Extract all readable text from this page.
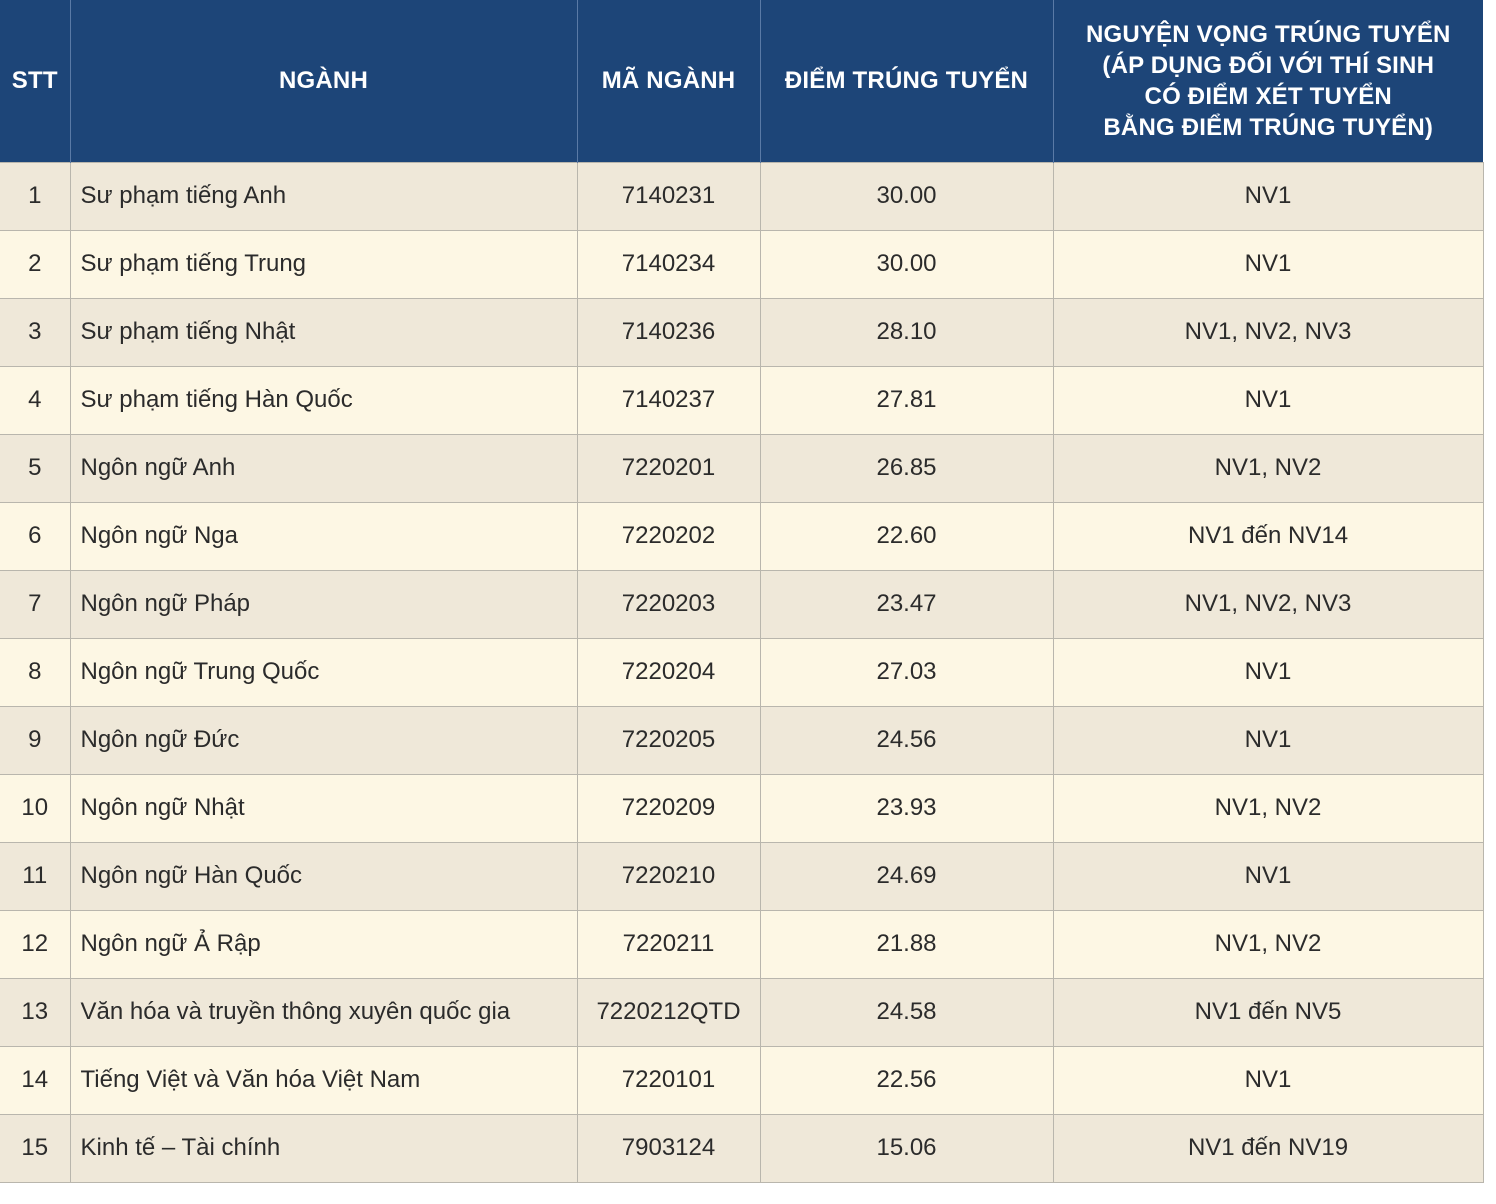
STT	NGÀNH	MÃ NGÀNH	ĐIỂM TRÚNG TUYỂN	NGUYỆN VỌNG TRÚNG TUYỂN
(ÁP DỤNG ĐỐI VỚI THÍ SINH
CÓ ĐIỂM XÉT TUYỂN
BẰNG ĐIỂM TRÚNG TUYỂN)

1	Sư phạm tiếng Anh	7140231	30.00	NV1
2	Sư phạm tiếng Trung	7140234	30.00	NV1
3	Sư phạm tiếng Nhật	7140236	28.10	NV1, NV2, NV3
4	Sư phạm tiếng Hàn Quốc	7140237	27.81	NV1
5	Ngôn ngữ Anh	7220201	26.85	NV1, NV2
6	Ngôn ngữ Nga	7220202	22.60	NV1 đến NV14
7	Ngôn ngữ Pháp	7220203	23.47	NV1, NV2, NV3
8	Ngôn ngữ Trung Quốc	7220204	27.03	NV1
9	Ngôn ngữ Đức	7220205	24.56	NV1
10	Ngôn ngữ Nhật	7220209	23.93	NV1, NV2
11	Ngôn ngữ Hàn Quốc	7220210	24.69	NV1
12	Ngôn ngữ Ả Rập	7220211	21.88	NV1, NV2
13	Văn hóa và truyền thông xuyên quốc gia	7220212QTD	24.58	NV1 đến NV5
14	Tiếng Việt và Văn hóa Việt Nam	7220101	22.56	NV1
15	Kinh tế – Tài chính	7903124	15.06	NV1 đến NV19
